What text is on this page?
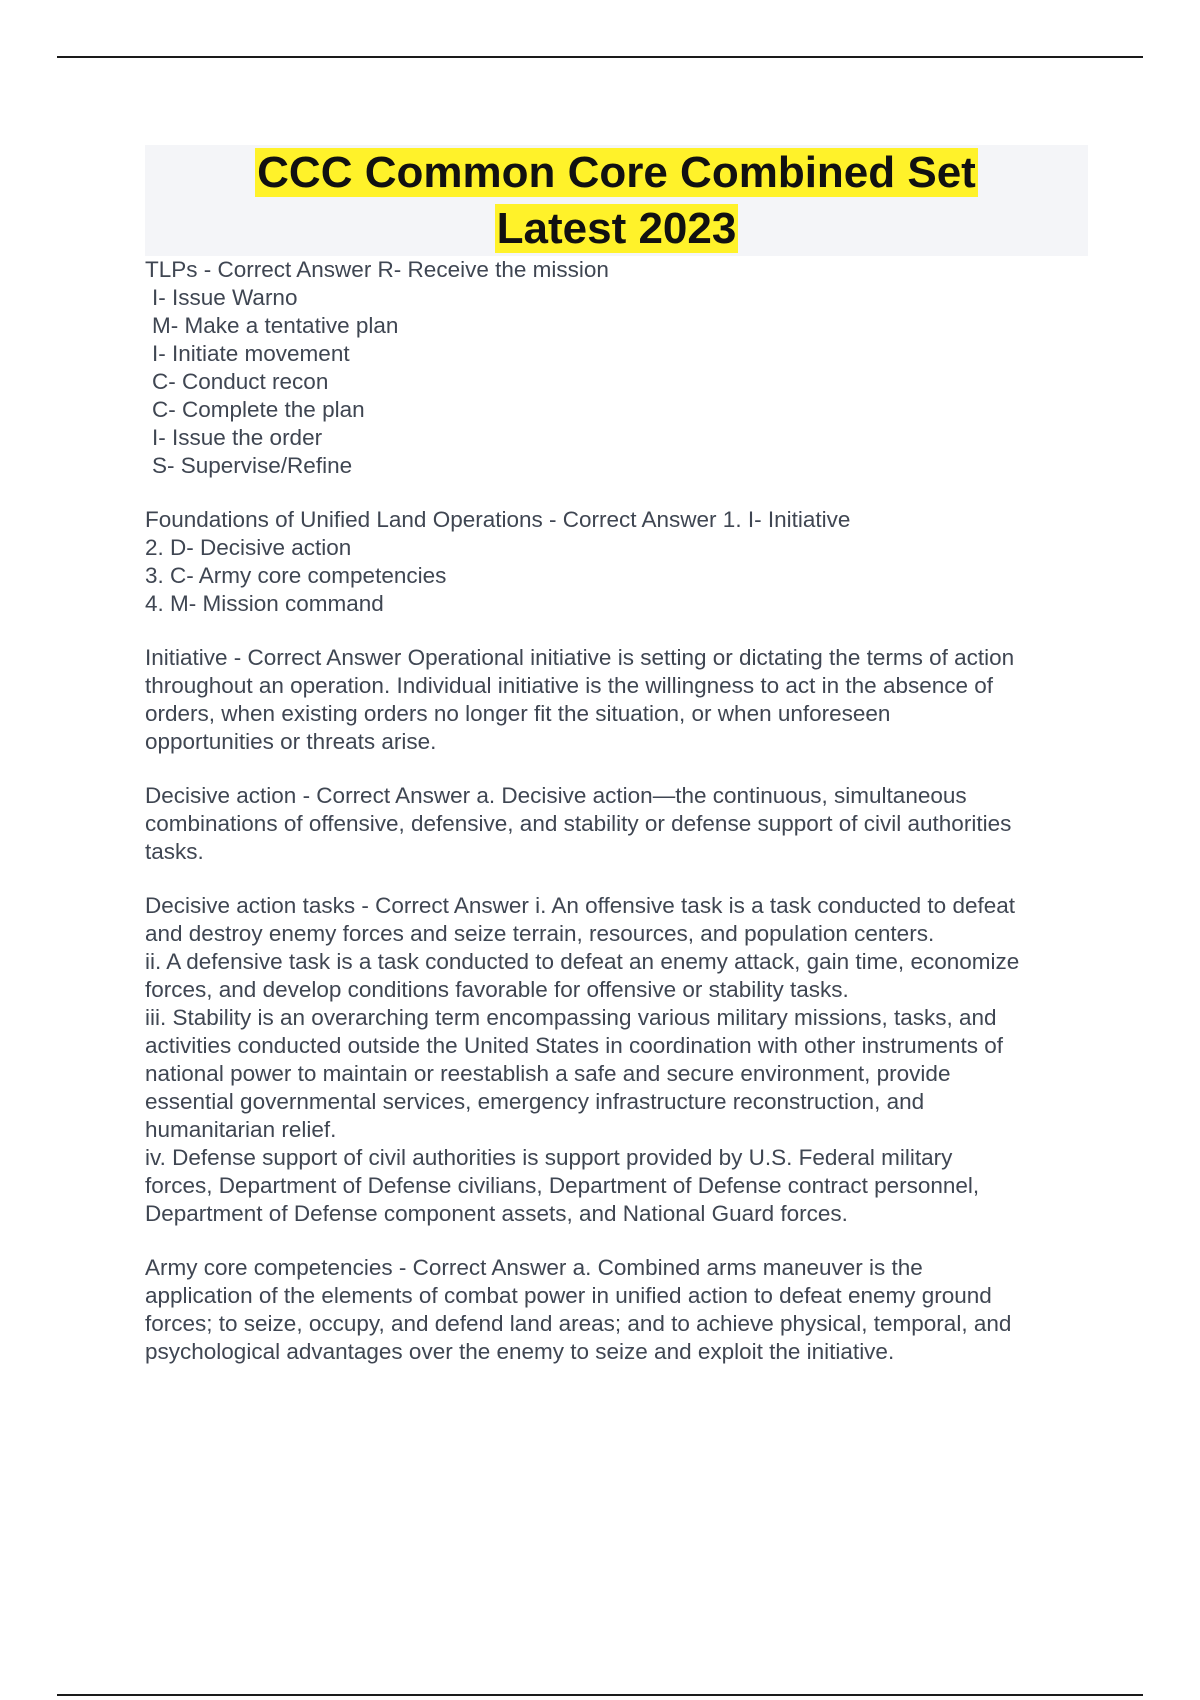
CCC Common Core Combined Set
Latest 2023
TLPs - Correct Answer R- Receive the mission
I- Issue Warno
M- Make a tentative plan
I- Initiate movement
C- Conduct recon
C- Complete the plan
I- Issue the order
S- Supervise/Refine
Foundations of Unified Land Operations - Correct Answer 1. I- Initiative
2. D- Decisive action
3. C- Army core competencies
4. M- Mission command
Initiative - Correct Answer Operational initiative is setting or dictating the terms of action
throughout an operation. Individual initiative is the willingness to act in the absence of
orders, when existing orders no longer fit the situation, or when unforeseen
opportunities or threats arise.
Decisive action - Correct Answer a. Decisive action—the continuous, simultaneous
combinations of offensive, defensive, and stability or defense support of civil authorities
tasks.
Decisive action tasks - Correct Answer i. An offensive task is a task conducted to defeat
and destroy enemy forces and seize terrain, resources, and population centers.
ii. A defensive task is a task conducted to defeat an enemy attack, gain time, economize
forces, and develop conditions favorable for offensive or stability tasks.
iii. Stability is an overarching term encompassing various military missions, tasks, and
activities conducted outside the United States in coordination with other instruments of
national power to maintain or reestablish a safe and secure environment, provide
essential governmental services, emergency infrastructure reconstruction, and
humanitarian relief.
iv. Defense support of civil authorities is support provided by U.S. Federal military
forces, Department of Defense civilians, Department of Defense contract personnel,
Department of Defense component assets, and National Guard forces.
Army core competencies - Correct Answer a. Combined arms maneuver is the
application of the elements of combat power in unified action to defeat enemy ground
forces; to seize, occupy, and defend land areas; and to achieve physical, temporal, and
psychological advantages over the enemy to seize and exploit the initiative.
